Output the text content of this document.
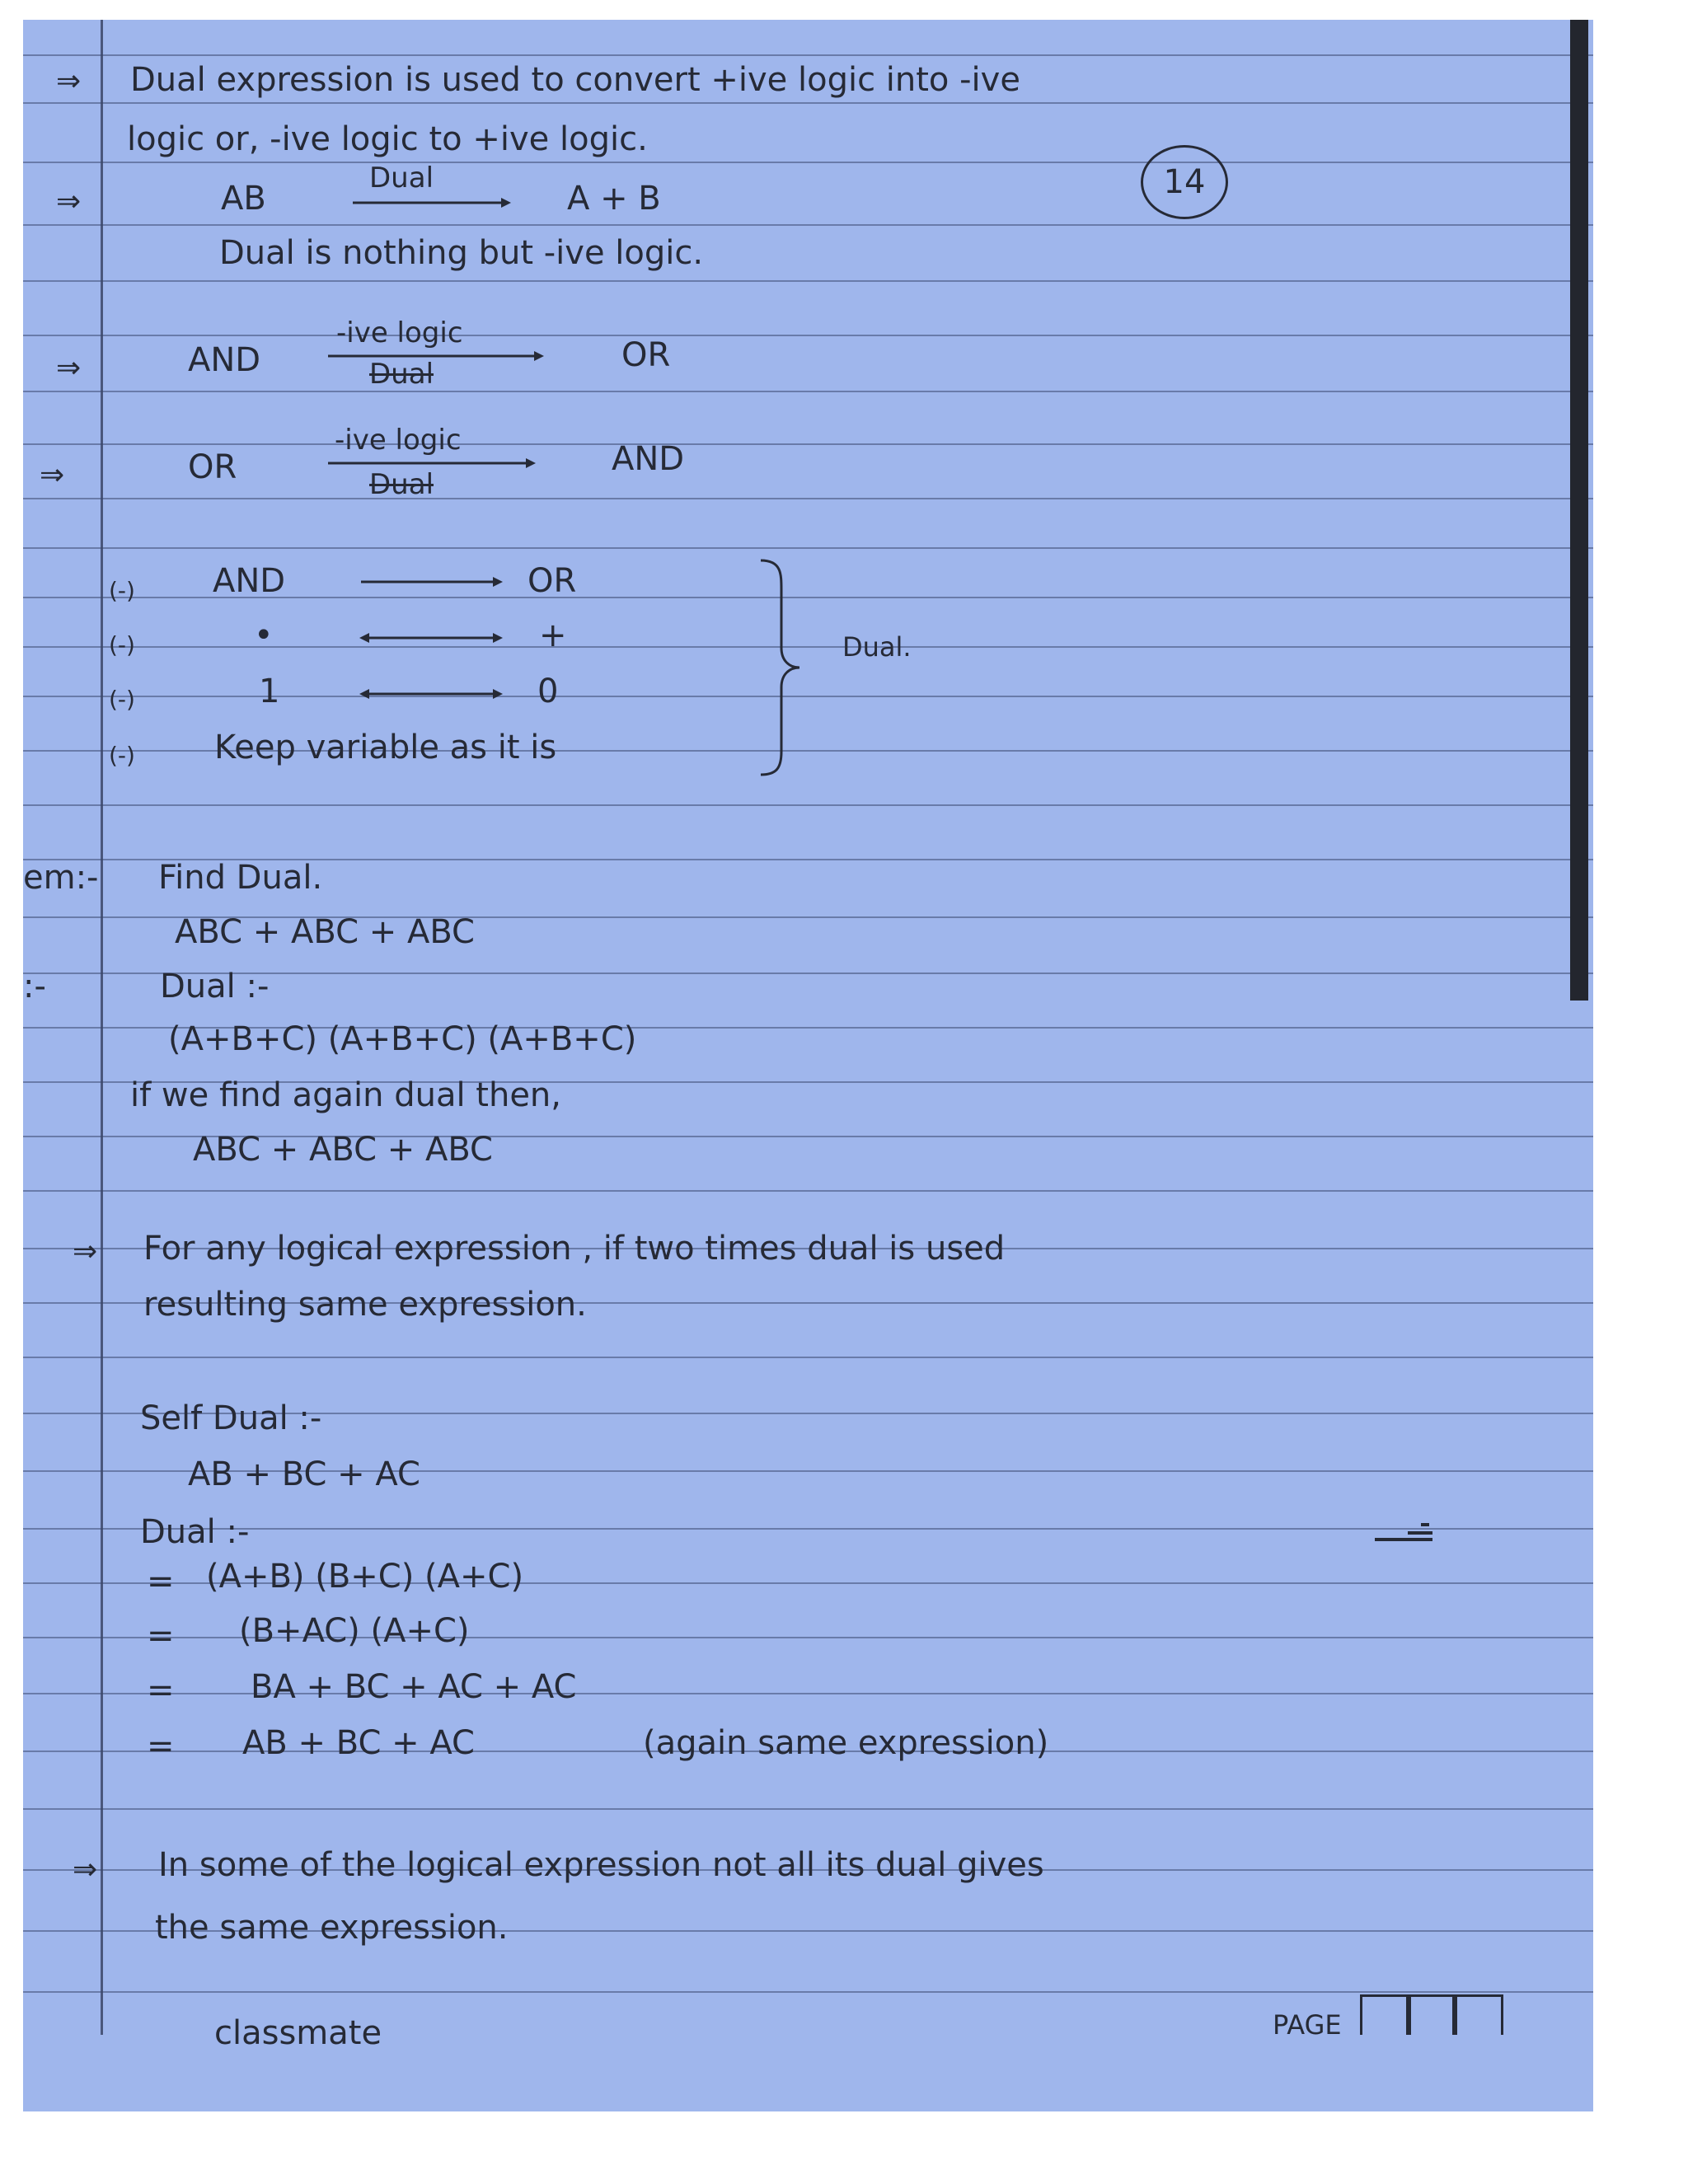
⇒
⇒
⇒
⇒
⇒
⇒
Dual expression is used to convert +ive logic into -ive
logic or, -ive logic to +ive logic.
14
AB
Dual
A + B
Dual is nothing but -ive logic.
AND
-ive logic
Dual	OR
OR
-ive logic
Dual
AND
(-)
(-)
(-)
(-)
AND	OR
•	+
1	0
Keep variable as it is
Dual.
em:- Find Dual.
ABC + ABC + ABC
:-	Dual :-
(A+B+C) (A+B+C) (A+B+C)
if we find again dual then,
ABC + ABC + ABC
For any logical expression , if two times dual is used
resulting same expression.
Self Dual :-
AB + BC + AC
Dual :-
= (A+B) (B+C) (A+C)
= (B+AC) (A+C)
= BA + BC + AC + AC
= AB + BC + AC	(again same expression)
In some of the logical expression not all its dual gives
the same expression.
classmate	PAGE
